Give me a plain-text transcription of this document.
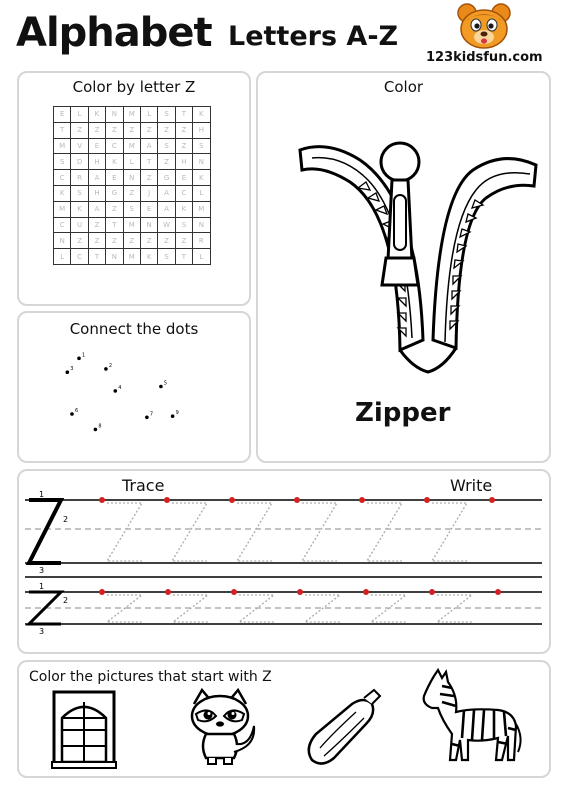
Alphabet Letters A-Z
123kidsfun.com
Color by letter Z
E	L	K	N	M	L	S	T	K
T	Z	Z	Z	Z	Z	Z	Z	H
M	V	E	C	M	A	S	Z	S
S	D	H	K	L	T	Z	H	N
C	R	A	E	N	Z	G	E	K
K	S	H	G	Z	J	A	C	L
M	K	A	Z	S	E	A	K	M
C	U	Z	T	M	N	W	S	N
N	Z	Z	Z	Z	Z	Z	Z	R
L	C	T	N	M	K	S	T	L
Connect the dots
1
2
3
4
5
6
7
8
9
Color
Zipper
Trace	Write
1
2
3
1
2
3
Color the pictures that start with Z
